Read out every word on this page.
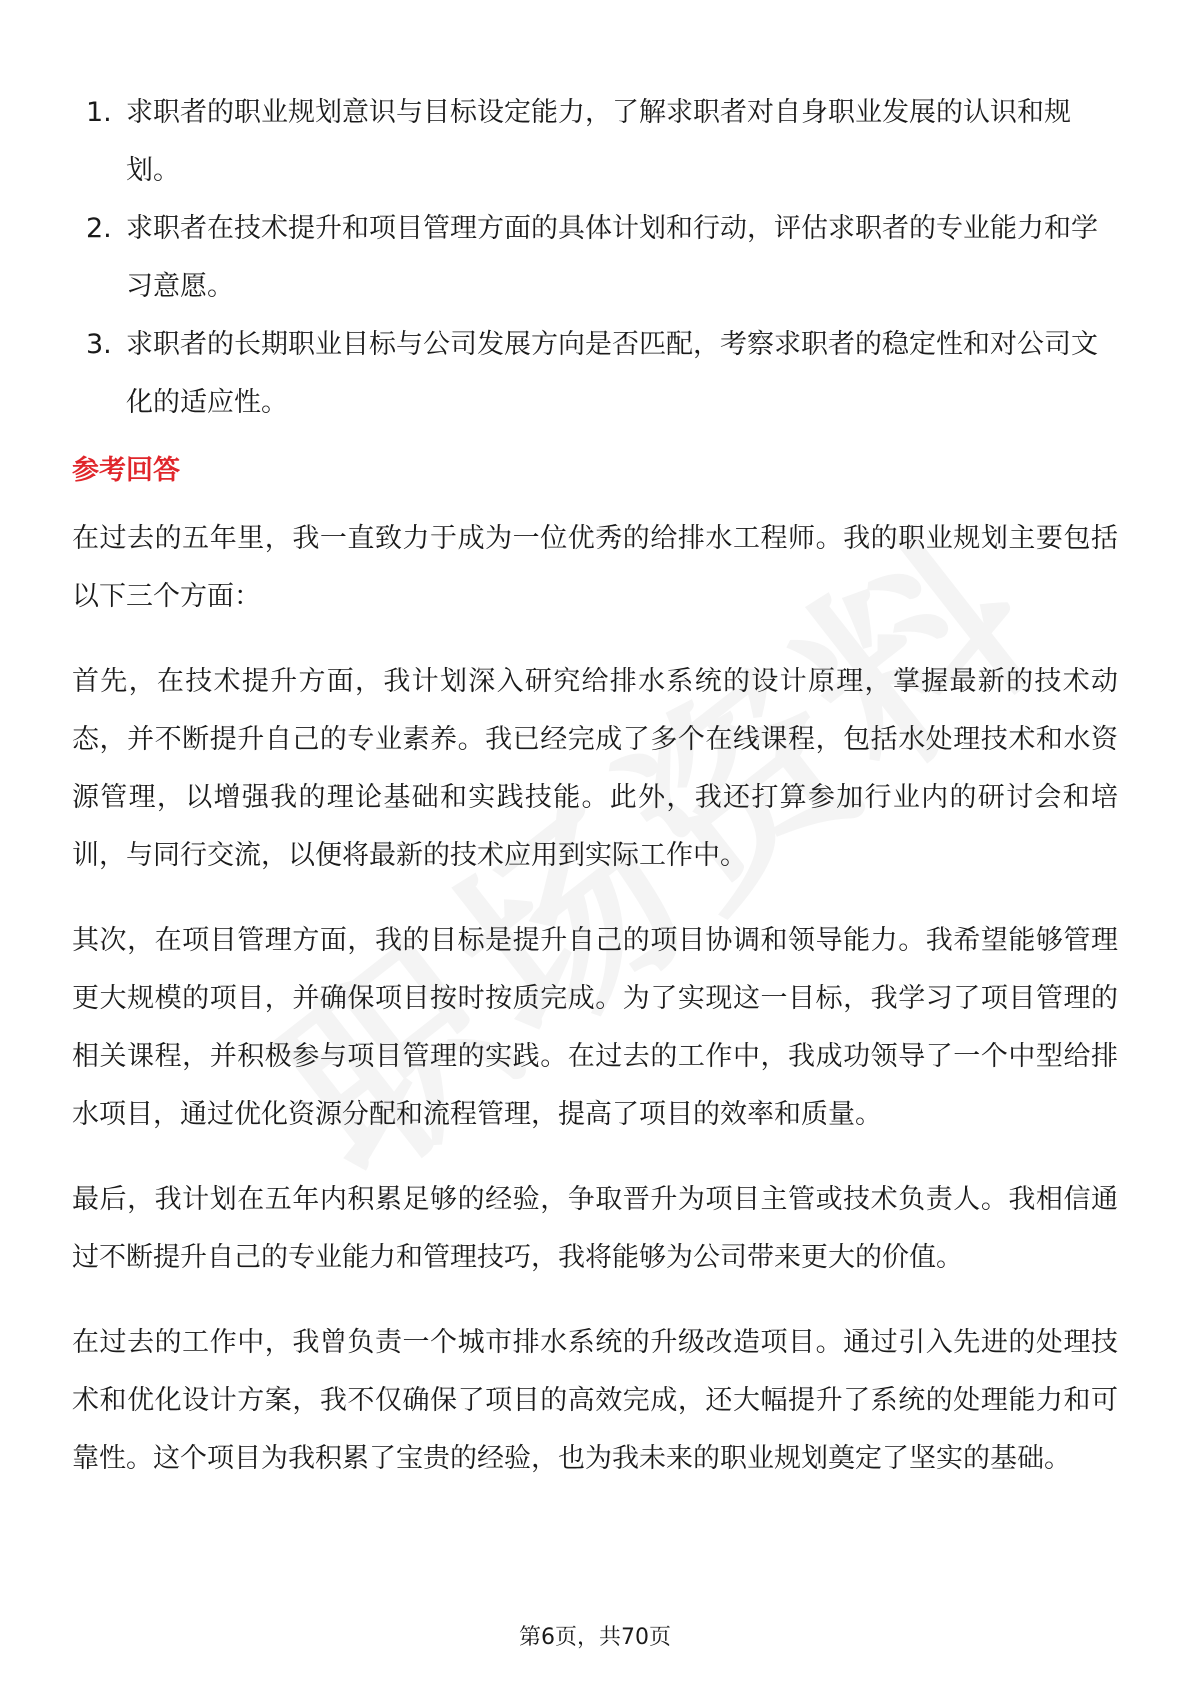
1. 求职者的职业规划意识与目标设定能力，了解求职者对自身职业发展的认识和规划。
2. 求职者在技术提升和项目管理方面的具体计划和行动，评估求职者的专业能力和学习意愿。
3. 求职者的长期职业目标与公司发展方向是否匹配，考察求职者的稳定性和对公司文化的适应性。
参考回答

在过去的五年里，我一直致力于成为一位优秀的给排水工程师。我的职业规划主要包括以下三个方面：

首先，在技术提升方面，我计划深入研究给排水系统的设计原理，掌握最新的技术动态，并不断提升自己的专业素养。我已经完成了多个在线课程，包括水处理技术和水资源管理，以增强我的理论基础和实践技能。此外，我还打算参加行业内的研讨会和培训，与同行交流，以便将最新的技术应用到实际工作中。

其次，在项目管理方面，我的目标是提升自己的项目协调和领导能力。我希望能够管理更大规模的项目，并确保项目按时按质完成。为了实现这一目标，我学习了项目管理的相关课程，并积极参与项目管理的实践。在过去的工作中，我成功领导了一个中型给排水项目，通过优化资源分配和流程管理，提高了项目的效率和质量。

最后，我计划在五年内积累足够的经验，争取晋升为项目主管或技术负责人。我相信通过不断提升自己的专业能力和管理技巧，我将能够为公司带来更大的价值。

在过去的工作中，我曾负责一个城市排水系统的升级改造项目。通过引入先进的处理技术和优化设计方案，我不仅确保了项目的高效完成，还大幅提升了系统的处理能力和可靠性。这个项目为我积累了宝贵的经验，也为我未来的职业规划奠定了坚实的基础。

第6页，共70页
